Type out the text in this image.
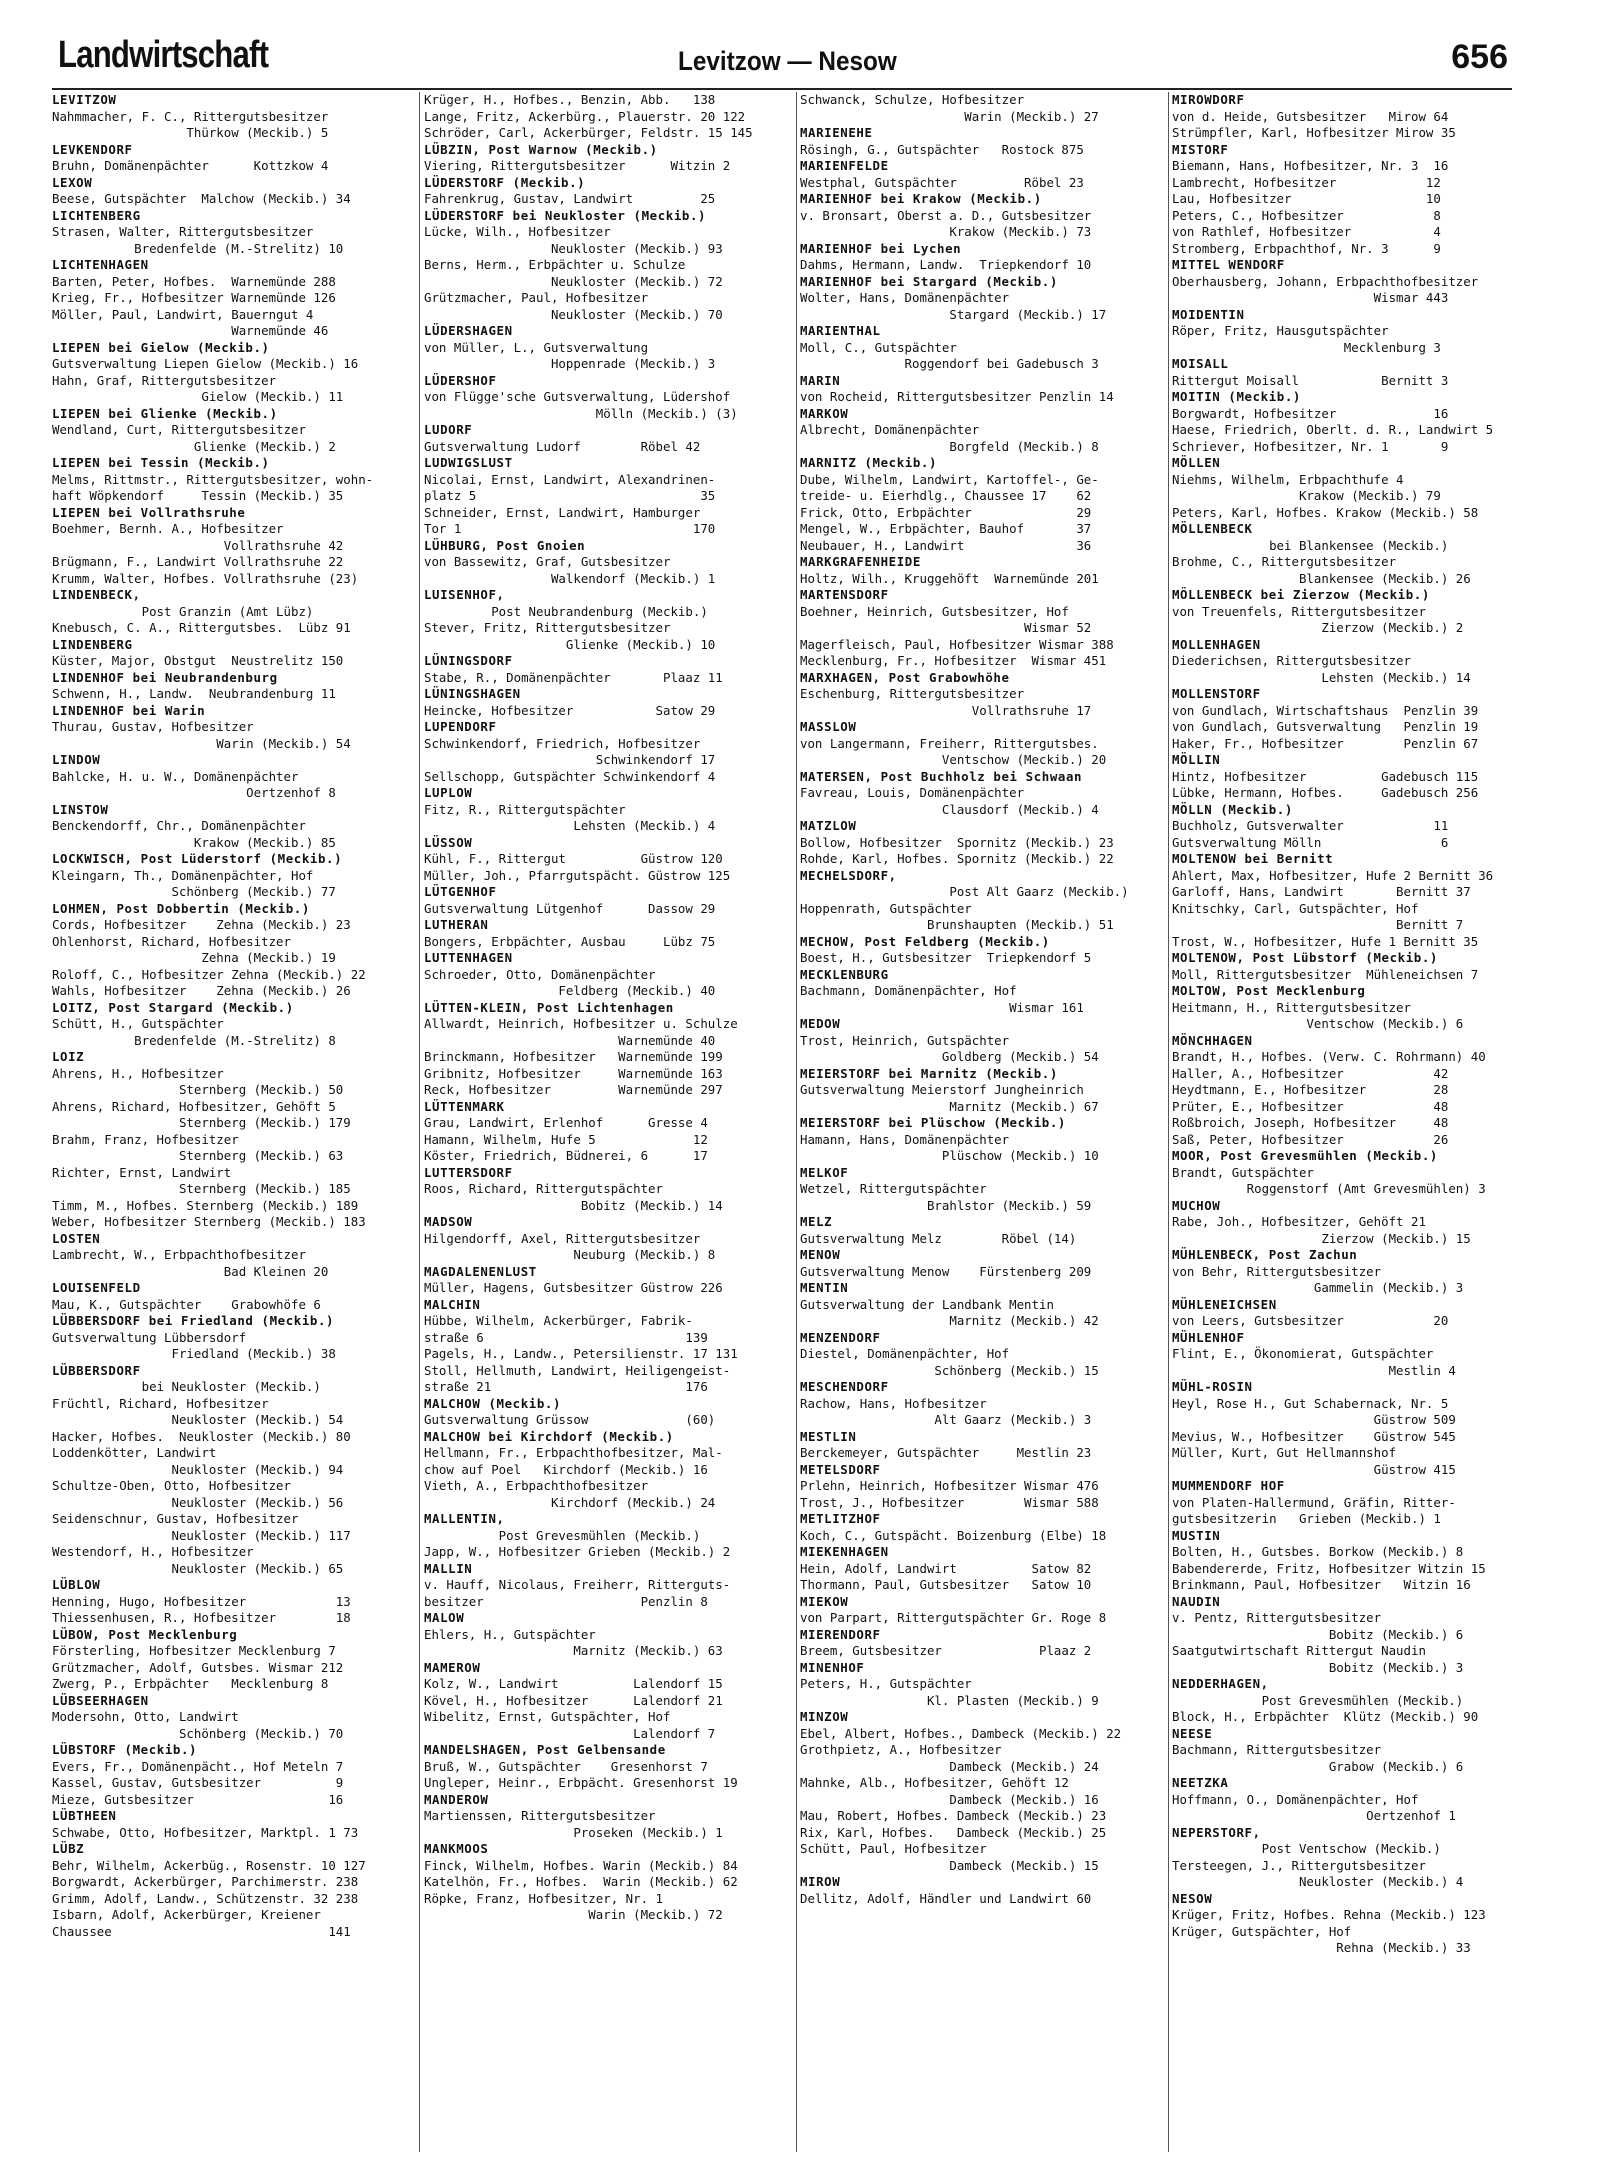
Landwirtschaft	Levitzow — Nesow	656
LEVITZOW
Nahmmacher, F. C., Rittergutsbesitzer
Thürkow (Meckib.) 5
LEVKENDORF
Bruhn, Domänenpächter      Kottzkow 4
LEXOW
Beese, Gutspächter  Malchow (Meckib.) 34
LICHTENBERG
Strasen, Walter, Rittergutsbesitzer
Bredenfelde (M.-Strelitz) 10
LICHTENHAGEN
Barten, Peter, Hofbes.  Warnemünde 288
Krieg, Fr., Hofbesitzer Warnemünde 126
Möller, Paul, Landwirt, Bauerngut 4
Warnemünde 46
LIEPEN bei Gielow (Meckib.)
Gutsverwaltung Liepen Gielow (Meckib.) 16
Hahn, Graf, Rittergutsbesitzer
Gielow (Meckib.) 11
LIEPEN bei Glienke (Meckib.)
Wendland, Curt, Rittergutsbesitzer
Glienke (Meckib.) 2
LIEPEN bei Tessin (Meckib.)
Melms, Rittmstr., Rittergutsbesitzer, wohn-
haft Wöpkendorf     Tessin (Meckib.) 35
LIEPEN bei Vollrathsruhe
Boehmer, Bernh. A., Hofbesitzer
Vollrathsruhe 42
Brügmann, F., Landwirt Vollrathsruhe 22
Krumm, Walter, Hofbes. Vollrathsruhe (23)
LINDENBECK,
Post Granzin (Amt Lübz)
Knebusch, C. A., Rittergutsbes.  Lübz 91
LINDENBERG
Küster, Major, Obstgut  Neustrelitz 150
LINDENHOF bei Neubrandenburg
Schwenn, H., Landw.  Neubrandenburg 11
LINDENHOF bei Warin
Thurau, Gustav, Hofbesitzer
Warin (Meckib.) 54
LINDOW
Bahlcke, H. u. W., Domänenpächter
Oertzenhof 8
LINSTOW
Benckendorff, Chr., Domänenpächter
Krakow (Meckib.) 85
LOCKWISCH, Post Lüderstorf (Meckib.)
Kleingarn, Th., Domänenpächter, Hof
Schönberg (Meckib.) 77
LOHMEN, Post Dobbertin (Meckib.)
Cords, Hofbesitzer    Zehna (Meckib.) 23
Ohlenhorst, Richard, Hofbesitzer
Zehna (Meckib.) 19
Roloff, C., Hofbesitzer Zehna (Meckib.) 22
Wahls, Hofbesitzer    Zehna (Meckib.) 26
LOITZ, Post Stargard (Meckib.)
Schütt, H., Gutspächter
Bredenfelde (M.-Strelitz) 8
LOIZ
Ahrens, H., Hofbesitzer
Sternberg (Meckib.) 50
Ahrens, Richard, Hofbesitzer, Gehöft 5
Sternberg (Meckib.) 179
Brahm, Franz, Hofbesitzer
Sternberg (Meckib.) 63
Richter, Ernst, Landwirt
Sternberg (Meckib.) 185
Timm, M., Hofbes. Sternberg (Meckib.) 189
Weber, Hofbesitzer Sternberg (Meckib.) 183
LOSTEN
Lambrecht, W., Erbpachthofbesitzer
Bad Kleinen 20
LOUISENFELD
Mau, K., Gutspächter    Grabowhöfe 6
LÜBBERSDORF bei Friedland (Meckib.)
Gutsverwaltung Lübbersdorf
Friedland (Meckib.) 38
LÜBBERSDORF
bei Neukloster (Meckib.)
Früchtl, Richard, Hofbesitzer
Neukloster (Meckib.) 54
Hacker, Hofbes.  Neukloster (Meckib.) 80
Loddenkötter, Landwirt
Neukloster (Meckib.) 94
Schultze-Oben, Otto, Hofbesitzer
Neukloster (Meckib.) 56
Seidenschnur, Gustav, Hofbesitzer
Neukloster (Meckib.) 117
Westendorf, H., Hofbesitzer
Neukloster (Meckib.) 65
LÜBLOW
Henning, Hugo, Hofbesitzer            13
Thiessenhusen, R., Hofbesitzer        18
LÜBOW, Post Mecklenburg
Försterling, Hofbesitzer Mecklenburg 7
Grützmacher, Adolf, Gutsbes. Wismar 212
Zwerg, P., Erbpächter   Mecklenburg 8
LÜBSEERHAGEN
Modersohn, Otto, Landwirt
Schönberg (Meckib.) 70
LÜBSTORF (Meckib.)
Evers, Fr., Domänenpächt., Hof Meteln 7
Kassel, Gustav, Gutsbesitzer          9
Mieze, Gutsbesitzer                  16
LÜBTHEEN
Schwabe, Otto, Hofbesitzer, Marktpl. 1 73
LÜBZ
Behr, Wilhelm, Ackerbüg., Rosenstr. 10 127
Borgwardt, Ackerbürger, Parchimerstr. 238
Grimm, Adolf, Landw., Schützenstr. 32 238
Isbarn, Adolf, Ackerbürger, Kreiener
Chaussee                             141
Krüger, H., Hofbes., Benzin, Abb.   138
Lange, Fritz, Ackerbürg., Plauerstr. 20 122
Schröder, Carl, Ackerbürger, Feldstr. 15 145
LÜBZIN, Post Warnow (Meckib.)
Viering, Rittergutsbesitzer      Witzin 2
LÜDERSTORF (Meckib.)
Fahrenkrug, Gustav, Landwirt         25
LÜDERSTORF bei Neukloster (Meckib.)
Lücke, Wilh., Hofbesitzer
Neukloster (Meckib.) 93
Berns, Herm., Erbpächter u. Schulze
Neukloster (Meckib.) 72
Grützmacher, Paul, Hofbesitzer
Neukloster (Meckib.) 70
LÜDERSHAGEN
von Müller, L., Gutsverwaltung
Hoppenrade (Meckib.) 3
LÜDERSHOF
von Flügge'sche Gutsverwaltung, Lüdershof
Mölln (Meckib.) (3)
LUDORF
Gutsverwaltung Ludorf        Röbel 42
LUDWIGSLUST
Nicolai, Ernst, Landwirt, Alexandrinen-
platz 5                              35
Schneider, Ernst, Landwirt, Hamburger
Tor 1                               170
LÜHBURG, Post Gnoien
von Bassewitz, Graf, Gutsbesitzer
Walkendorf (Meckib.) 1
LUISENHOF,
Post Neubrandenburg (Meckib.)
Stever, Fritz, Rittergutsbesitzer
Glienke (Meckib.) 10
LÜNINGSDORF
Stabe, R., Domänenpächter       Plaaz 11
LÜNINGSHAGEN
Heincke, Hofbesitzer           Satow 29
LUPENDORF
Schwinkendorf, Friedrich, Hofbesitzer
Schwinkendorf 17
Sellschopp, Gutspächter Schwinkendorf 4
LUPLOW
Fitz, R., Rittergutspächter
Lehsten (Meckib.) 4
LÜSSOW
Kühl, F., Rittergut          Güstrow 120
Müller, Joh., Pfarrgutspächt. Güstrow 125
LÜTGENHOF
Gutsverwaltung Lütgenhof      Dassow 29
LUTHERAN
Bongers, Erbpächter, Ausbau     Lübz 75
LUTTENHAGEN
Schroeder, Otto, Domänenpächter
Feldberg (Meckib.) 40
LÜTTEN-KLEIN, Post Lichtenhagen
Allwardt, Heinrich, Hofbesitzer u. Schulze
Warnemünde 40
Brinckmann, Hofbesitzer   Warnemünde 199
Gribnitz, Hofbesitzer     Warnemünde 163
Reck, Hofbesitzer         Warnemünde 297
LÜTTENMARK
Grau, Landwirt, Erlenhof      Gresse 4
Hamann, Wilhelm, Hufe 5             12
Köster, Friedrich, Büdnerei, 6      17
LUTTERSDORF
Roos, Richard, Rittergutspächter
Bobitz (Meckib.) 14
MADSOW
Hilgendorff, Axel, Rittergutsbesitzer
Neuburg (Meckib.) 8
MAGDALENENLUST
Müller, Hagens, Gutsbesitzer Güstrow 226
MALCHIN
Hübbe, Wilhelm, Ackerbürger, Fabrik-
straße 6                           139
Pagels, H., Landw., Petersilienstr. 17 131
Stoll, Hellmuth, Landwirt, Heiligengeist-
straße 21                          176
MALCHOW (Meckib.)
Gutsverwaltung Grüssow             (60)
MALCHOW bei Kirchdorf (Meckib.)
Hellmann, Fr., Erbpachthofbesitzer, Mal-
chow auf Poel   Kirchdorf (Meckib.) 16
Vieth, A., Erbpachthofbesitzer
Kirchdorf (Meckib.) 24
MALLENTIN,
Post Grevesmühlen (Meckib.)
Japp, W., Hofbesitzer Grieben (Meckib.) 2
MALLIN
v. Hauff, Nicolaus, Freiherr, Ritterguts-
besitzer                     Penzlin 8
MALOW
Ehlers, H., Gutspächter
Marnitz (Meckib.) 63
MAMEROW
Kolz, W., Landwirt          Lalendorf 15
Kövel, H., Hofbesitzer      Lalendorf 21
Wibelitz, Ernst, Gutspächter, Hof
Lalendorf 7
MANDELSHAGEN, Post Gelbensande
Bruß, W., Gutspächter    Gresenhorst 7
Ungleper, Heinr., Erbpächt. Gresenhorst 19
MANDEROW
Martienssen, Rittergutsbesitzer
Proseken (Meckib.) 1
MANKMOOS
Finck, Wilhelm, Hofbes. Warin (Meckib.) 84
Katelhön, Fr., Hofbes.  Warin (Meckib.) 62
Röpke, Franz, Hofbesitzer, Nr. 1
Warin (Meckib.) 72
Schwanck, Schulze, Hofbesitzer
Warin (Meckib.) 27
MARIENEHE
Rösingh, G., Gutspächter   Rostock 875
MARIENFELDE
Westphal, Gutspächter         Röbel 23
MARIENHOF bei Krakow (Meckib.)
v. Bronsart, Oberst a. D., Gutsbesitzer
Krakow (Meckib.) 73
MARIENHOF bei Lychen
Dahms, Hermann, Landw.  Triepkendorf 10
MARIENHOF bei Stargard (Meckib.)
Wolter, Hans, Domänenpächter
Stargard (Meckib.) 17
MARIENTHAL
Moll, C., Gutspächter
Roggendorf bei Gadebusch 3
MARIN
von Rocheid, Rittergutsbesitzer Penzlin 14
MARKOW
Albrecht, Domänenpächter
Borgfeld (Meckib.) 8
MARNITZ (Meckib.)
Dube, Wilhelm, Landwirt, Kartoffel-, Ge-
treide- u. Eierhdlg., Chaussee 17    62
Frick, Otto, Erbpächter              29
Mengel, W., Erbpächter, Bauhof       37
Neubauer, H., Landwirt               36
MARKGRAFENHEIDE
Holtz, Wilh., Kruggehöft  Warnemünde 201
MARTENSDORF
Boehner, Heinrich, Gutsbesitzer, Hof
Wismar 52
Magerfleisch, Paul, Hofbesitzer Wismar 388
Mecklenburg, Fr., Hofbesitzer  Wismar 451
MARXHAGEN, Post Grabowhöhe
Eschenburg, Rittergutsbesitzer
Vollrathsruhe 17
MASSLOW
von Langermann, Freiherr, Rittergutsbes.
Ventschow (Meckib.) 20
MATERSEN, Post Buchholz bei Schwaan
Favreau, Louis, Domänenpächter
Clausdorf (Meckib.) 4
MATZLOW
Bollow, Hofbesitzer  Spornitz (Meckib.) 23
Rohde, Karl, Hofbes. Spornitz (Meckib.) 22
MECHELSDORF,
Post Alt Gaarz (Meckib.)
Hoppenrath, Gutspächter
Brunshaupten (Meckib.) 51
MECHOW, Post Feldberg (Meckib.)
Boest, H., Gutsbesitzer  Triepkendorf 5
MECKLENBURG
Bachmann, Domänenpächter, Hof
Wismar 161
MEDOW
Trost, Heinrich, Gutspächter
Goldberg (Meckib.) 54
MEIERSTORF bei Marnitz (Meckib.)
Gutsverwaltung Meierstorf Jungheinrich
Marnitz (Meckib.) 67
MEIERSTORF bei Plüschow (Meckib.)
Hamann, Hans, Domänenpächter
Plüschow (Meckib.) 10
MELKOF
Wetzel, Rittergutspächter
Brahlstor (Meckib.) 59
MELZ
Gutsverwaltung Melz        Röbel (14)
MENOW
Gutsverwaltung Menow    Fürstenberg 209
MENTIN
Gutsverwaltung der Landbank Mentin
Marnitz (Meckib.) 42
MENZENDORF
Diestel, Domänenpächter, Hof
Schönberg (Meckib.) 15
MESCHENDORF
Rachow, Hans, Hofbesitzer
Alt Gaarz (Meckib.) 3
MESTLIN
Berckemeyer, Gutspächter     Mestlin 23
METELSDORF
Prlehn, Heinrich, Hofbesitzer Wismar 476
Trost, J., Hofbesitzer        Wismar 588
METLITZHOF
Koch, C., Gutspächt. Boizenburg (Elbe) 18
MIEKENHAGEN
Hein, Adolf, Landwirt          Satow 82
Thormann, Paul, Gutsbesitzer   Satow 10
MIEKOW
von Parpart, Rittergutspächter Gr. Roge 8
MIERENDORF
Breem, Gutsbesitzer             Plaaz 2
MINENHOF
Peters, H., Gutspächter
Kl. Plasten (Meckib.) 9
MINZOW
Ebel, Albert, Hofbes., Dambeck (Meckib.) 22
Grothpietz, A., Hofbesitzer
Dambeck (Meckib.) 24
Mahnke, Alb., Hofbesitzer, Gehöft 12
Dambeck (Meckib.) 16
Mau, Robert, Hofbes. Dambeck (Meckib.) 23
Rix, Karl, Hofbes.   Dambeck (Meckib.) 25
Schütt, Paul, Hofbesitzer
Dambeck (Meckib.) 15
MIROW
Dellitz, Adolf, Händler und Landwirt 60
MIROWDORF
von d. Heide, Gutsbesitzer   Mirow 64
Strümpfler, Karl, Hofbesitzer Mirow 35
MISTORF
Biemann, Hans, Hofbesitzer, Nr. 3  16
Lambrecht, Hofbesitzer            12
Lau, Hofbesitzer                  10
Peters, C., Hofbesitzer            8
von Rathlef, Hofbesitzer           4
Stromberg, Erbpachthof, Nr. 3      9
MITTEL WENDORF
Oberhausberg, Johann, Erbpachthofbesitzer
Wismar 443
MOIDENTIN
Röper, Fritz, Hausgutspächter
Mecklenburg 3
MOISALL
Rittergut Moisall           Bernitt 3
MOITIN (Meckib.)
Borgwardt, Hofbesitzer             16
Haese, Friedrich, Oberlt. d. R., Landwirt 5
Schriever, Hofbesitzer, Nr. 1       9
MÖLLEN
Niehms, Wilhelm, Erbpachthufe 4
Krakow (Meckib.) 79
Peters, Karl, Hofbes. Krakow (Meckib.) 58
MÖLLENBECK
bei Blankensee (Meckib.)
Brohme, C., Rittergutsbesitzer
Blankensee (Meckib.) 26
MÖLLENBECK bei Zierzow (Meckib.)
von Treuenfels, Rittergutsbesitzer
Zierzow (Meckib.) 2
MOLLENHAGEN
Diederichsen, Rittergutsbesitzer
Lehsten (Meckib.) 14
MOLLENSTORF
von Gundlach, Wirtschaftshaus  Penzlin 39
von Gundlach, Gutsverwaltung   Penzlin 19
Haker, Fr., Hofbesitzer        Penzlin 67
MÖLLIN
Hintz, Hofbesitzer          Gadebusch 115
Lübke, Hermann, Hofbes.     Gadebusch 256
MÖLLN (Meckib.)
Buchholz, Gutsverwalter            11
Gutsverwaltung Mölln                6
MOLTENOW bei Bernitt
Ahlert, Max, Hofbesitzer, Hufe 2 Bernitt 36
Garloff, Hans, Landwirt       Bernitt 37
Knitschky, Carl, Gutspächter, Hof
Bernitt 7
Trost, W., Hofbesitzer, Hufe 1 Bernitt 35
MOLTENOW, Post Lübstorf (Meckib.)
Moll, Rittergutsbesitzer  Mühleneichsen 7
MOLTOW, Post Mecklenburg
Heitmann, H., Rittergutsbesitzer
Ventschow (Meckib.) 6
MÖNCHHAGEN
Brandt, H., Hofbes. (Verw. C. Rohrmann) 40
Haller, A., Hofbesitzer            42
Heydtmann, E., Hofbesitzer         28
Prüter, E., Hofbesitzer            48
Roßbroich, Joseph, Hofbesitzer     48
Saß, Peter, Hofbesitzer            26
MOOR, Post Grevesmühlen (Meckib.)
Brandt, Gutspächter
Roggenstorf (Amt Grevesmühlen) 3
MUCHOW
Rabe, Joh., Hofbesitzer, Gehöft 21
Zierzow (Meckib.) 15
MÜHLENBECK, Post Zachun
von Behr, Rittergutsbesitzer
Gammelin (Meckib.) 3
MÜHLENEICHSEN
von Leers, Gutsbesitzer            20
MÜHLENHOF
Flint, E., Ökonomierat, Gutspächter
Mestlin 4
MÜHL-ROSIN
Heyl, Rose H., Gut Schabernack, Nr. 5
Güstrow 509
Mevius, W., Hofbesitzer    Güstrow 545
Müller, Kurt, Gut Hellmannshof
Güstrow 415
MUMMENDORF HOF
von Platen-Hallermund, Gräfin, Ritter-
gutsbesitzerin   Grieben (Meckib.) 1
MUSTIN
Bolten, H., Gutsbes. Borkow (Meckib.) 8
Babendererde, Fritz, Hofbesitzer Witzin 15
Brinkmann, Paul, Hofbesitzer   Witzin 16
NAUDIN
v. Pentz, Rittergutsbesitzer
Bobitz (Meckib.) 6
Saatgutwirtschaft Rittergut Naudin
Bobitz (Meckib.) 3
NEDDERHAGEN,
Post Grevesmühlen (Meckib.)
Block, H., Erbpächter  Klütz (Meckib.) 90
NEESE
Bachmann, Rittergutsbesitzer
Grabow (Meckib.) 6
NEETZKA
Hoffmann, O., Domänenpächter, Hof
Oertzenhof 1
NEPERSTORF,
Post Ventschow (Meckib.)
Tersteegen, J., Rittergutsbesitzer
Neukloster (Meckib.) 4
NESOW
Krüger, Fritz, Hofbes. Rehna (Meckib.) 123
Krüger, Gutspächter, Hof
Rehna (Meckib.) 33
